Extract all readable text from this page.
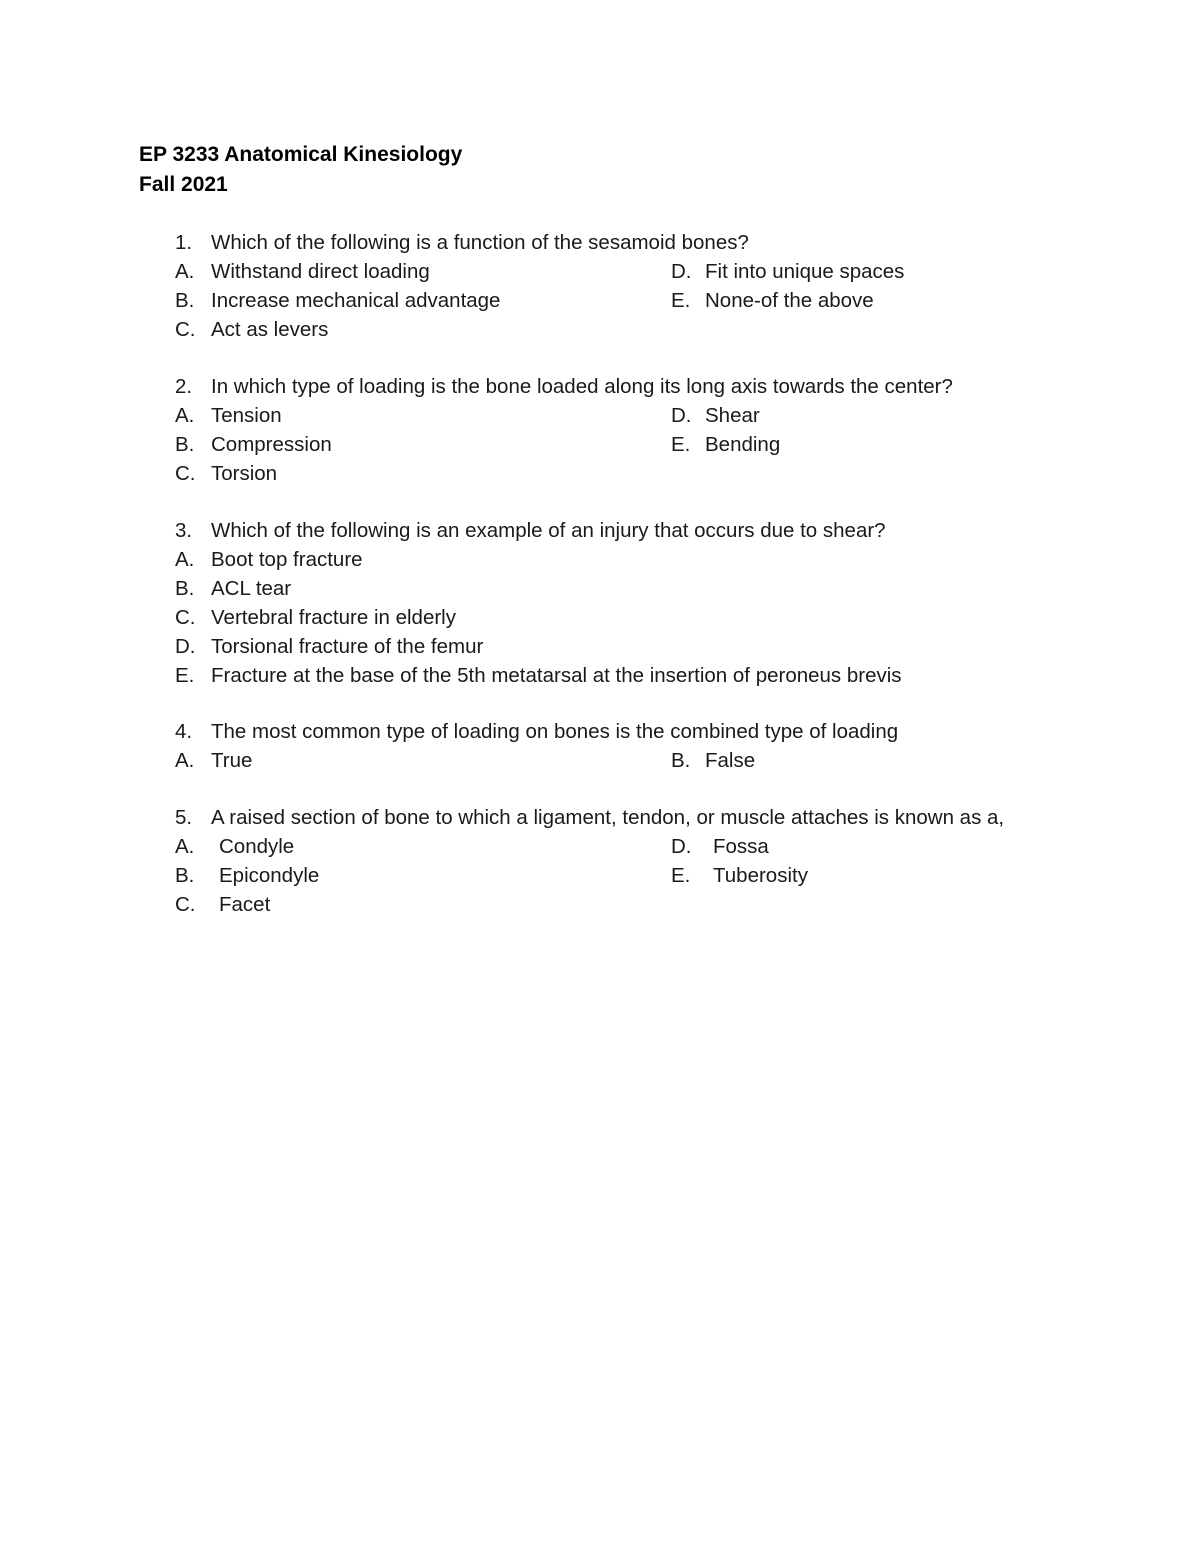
EP 3233 Anatomical Kinesiology
Fall 2021
1. Which of the following is a function of the sesamoid bones?
A. Withstand direct loading	D. Fit into unique spaces
B. Increase mechanical advantage	E. None-of the above
C. Act as levers
2. In which type of loading is the bone loaded along its long axis towards the center?
A. Tension	D. Shear
B. Compression	E. Bending
C. Torsion
3. Which of the following is an example of an injury that occurs due to shear?
A. Boot top fracture
B. ACL tear
C. Vertebral fracture in elderly
D. Torsional fracture of the femur
E. Fracture at the base of the 5th metatarsal at the insertion of peroneus brevis
4. The most common type of loading on bones is the combined type of loading
A. True	B. False
5. A raised section of bone to which a ligament, tendon, or muscle attaches is known as a,
A. Condyle	D. Fossa
B. Epicondyle	E. Tuberosity
C. Facet
